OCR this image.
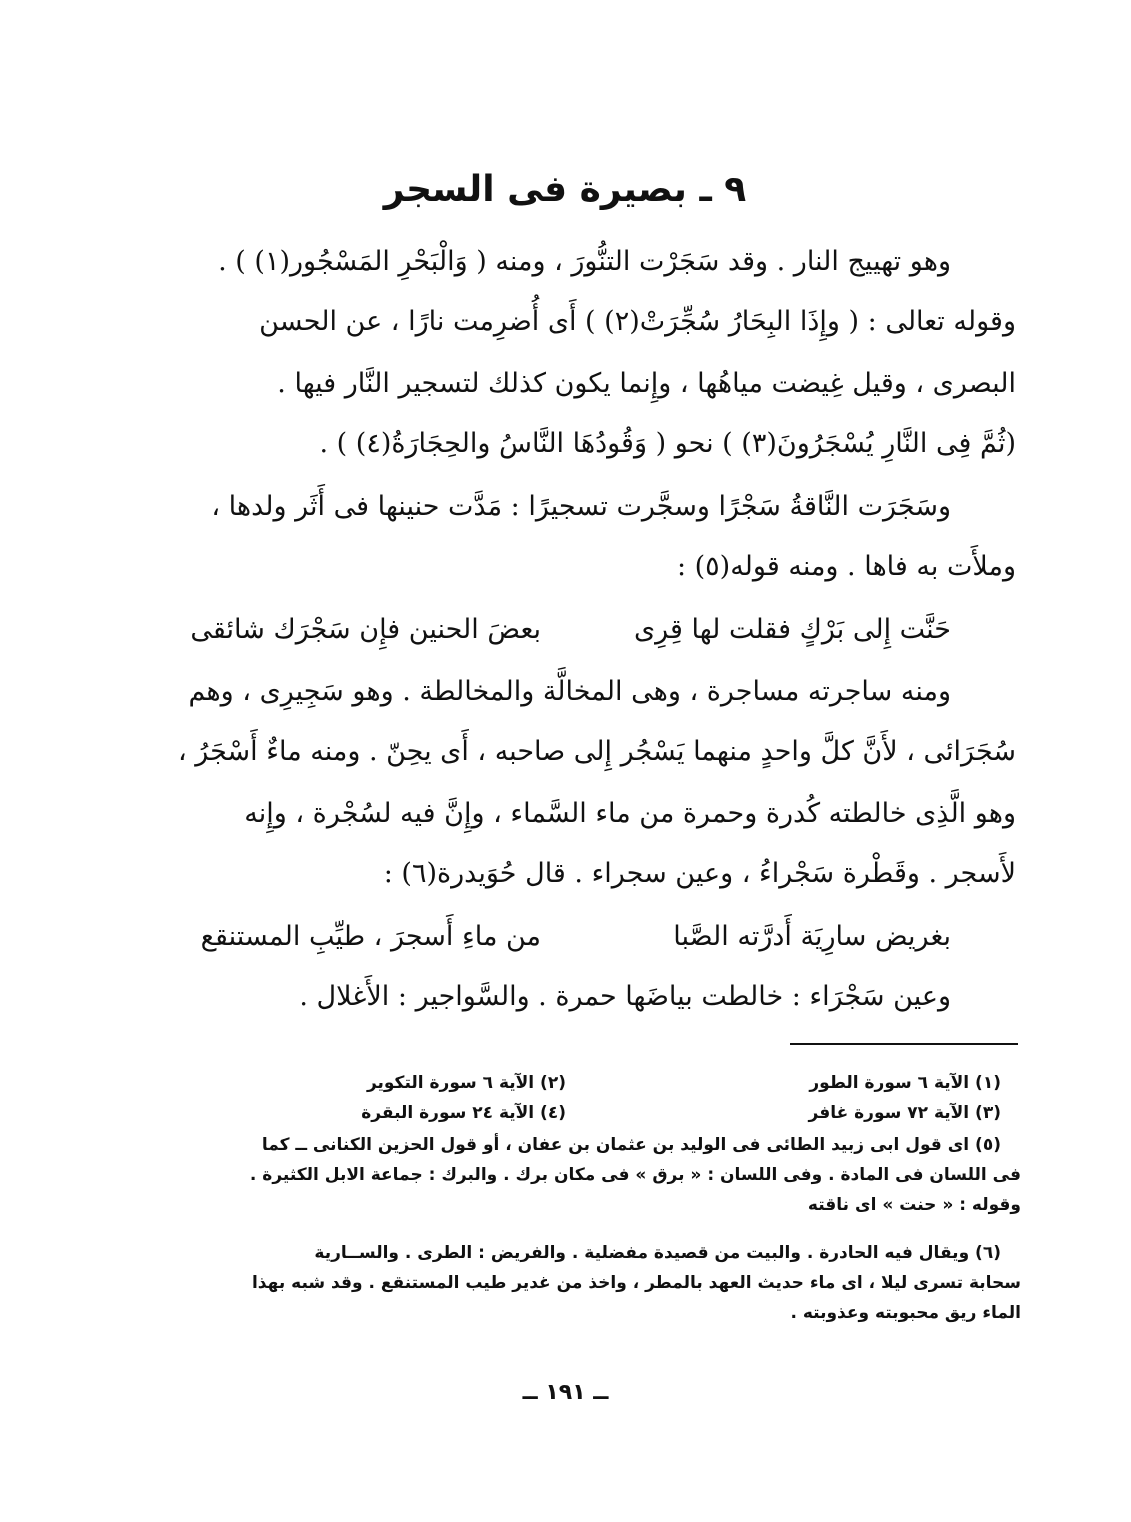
٩ ـ بصيرة فى السجر
وهو تهييج النار . وقد سَجَرْت التنُّورَ ، ومنه ( وَالْبَحْرِ المَسْجُور(١) ) .
وقوله تعالى : ( وإِذَا البِحَارُ سُجِّرَتْ(٢) ) أَى أُضرِمت نارًا ، عن الحسن
البصرى ، وقيل غِيضت مياهُها ، وإِنما يكون كذلك لتسجير النَّار فيها .
(ثُمَّ فِى النَّارِ يُسْجَرُونَ(٣) ) نحو ( وَقُودُهَا النَّاسُ والحِجَارَةُ(٤) ) .
وسَجَرَت النَّاقةُ سَجْرًا وسجَّرت تسجيرًا : مَدَّت حنينها فى أَثَر ولدها ،
وملأَت به فاها . ومنه قوله(٥) :
حَنَّت إِلى بَرْكٍ فقلت لها قِرِى
بعضَ الحنين فإِن سَجْرَك شائقى
ومنه ساجرته مساجرة ، وهى المخالَّة والمخالطة . وهو سَجِيرِى ، وهم
سُجَرَائى ، لأَنَّ كلَّ واحدٍ منهما يَسْجُر إِلى صاحبه ، أَى يحِنّ . ومنه ماءٌ أَسْجَرُ ،
وهو الَّذِى خالطته كُدرة وحمرة من ماء السَّماء ، وإِنَّ فيه لسُجْرة ، وإِنه
لأَسجر . وقَطْرة سَجْراءُ ، وعين سجراء . قال حُوَيدرة(٦) :
بغريض سارِيَة أَدرَّته الصَّبا
من ماءِ أَسجرَ ، طيِّبِ المستنقع
وعين سَجْرَاء : خالطت بياضَها حمرة . والسَّواجير : الأَغلال .
(١) الآية ٦ سورة الطور
(٢) الآية ٦ سورة التكوير
(٣) الآية ٧٢ سورة غافر
(٤) الآية ٢٤ سورة البقرة
(٥) اى قول ابى زبيد الطائى فى الوليد بن عثمان بن عفان ، أو قول الحزين الكنانى ــ كما
فى اللسان فى المادة . وفى اللسان : « برق » فى مكان برك . والبرك : جماعة الابل الكثيرة .
وقوله : « حنت » اى ناقته
(٦) ويقال فيه الحادرة . والبيت من قصيدة مفضلية . والفريض : الطرى . والســارية
سحابة تسرى ليلا ، اى ماء حديث العهد بالمطر ، واخذ من غدير طيب المستنقع . وقد شبه بهذا
الماء ريق محبوبته وعذوبته .
ــ ١٩١ ــ
